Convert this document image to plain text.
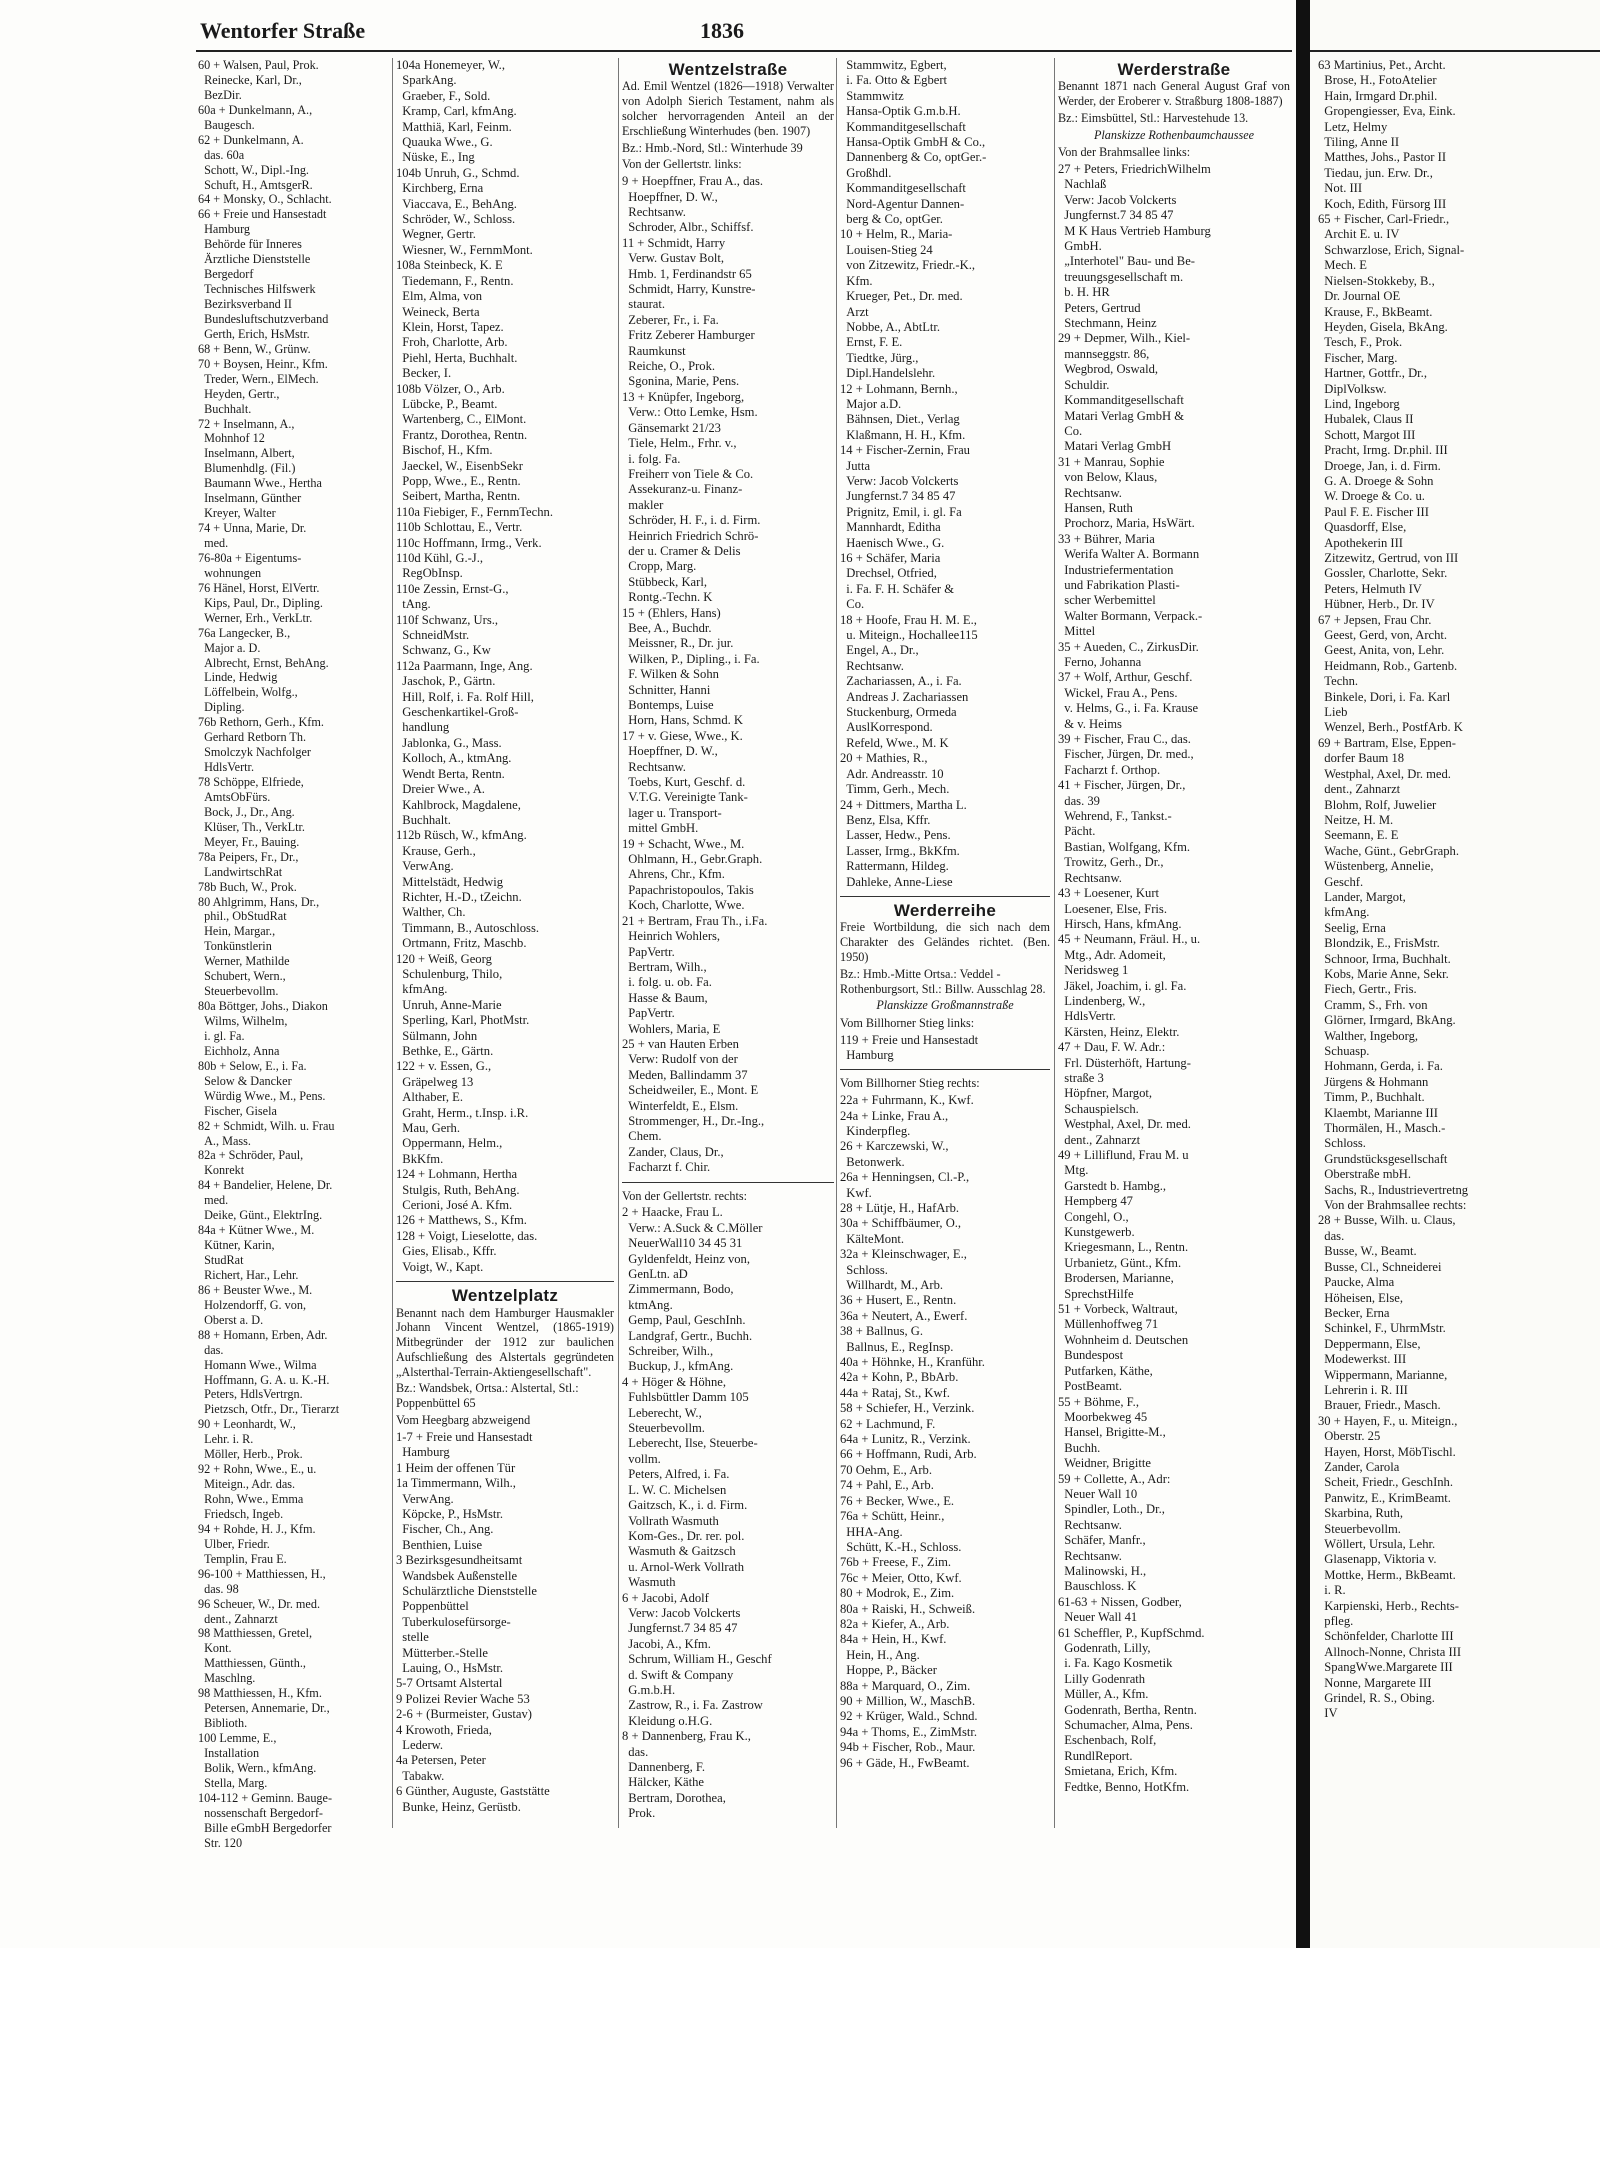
Wentorfer Straße	1836
60 + Walsen, Paul, Prok.
Reinecke, Karl, Dr.,
BezDir.
60a + Dunkelmann, A.,
Baugesch.
62 + Dunkelmann, A.
das. 60a
Schott, W., Dipl.-Ing.
Schuft, H., AmtsgerR.
64 + Monsky, O., Schlacht.
66 + Freie und Hansestadt
Hamburg
Behörde für Inneres
Ärztliche Dienststelle
Bergedorf
Technisches Hilfswerk
Bezirksverband II
Bundesluftschutzverband
Gerth, Erich, HsMstr.
68 + Benn, W., Grünw.
70 + Boysen, Heinr., Kfm.
Treder, Wern., ElMech.
Heyden, Gertr.,
Buchhalt.
72 + Inselmann, A.,
Mohnhof 12
Inselmann, Albert,
Blumenhdlg. (Fil.)
Baumann Wwe., Hertha
Inselmann, Günther
Kreyer, Walter
74 + Unna, Marie, Dr.
med.
76-80a + Eigentums-
wohnungen
76 Hänel, Horst, ElVertr.
Kips, Paul, Dr., Dipling.
Werner, Erh., VerkLtr.
76a Langecker, B.,
Major a. D.
Albrecht, Ernst, BehAng.
Linde, Hedwig
Löffelbein, Wolfg.,
Dipling.
76b Rethorn, Gerh., Kfm.
Gerhard Retborn Th.
Smolczyk Nachfolger
HdlsVertr.
78 Schöppe, Elfriede,
AmtsObFürs.
Bock, J., Dr., Ang.
Klüser, Th., VerkLtr.
Meyer, Fr., Bauing.
78a Peipers, Fr., Dr.,
LandwirtschRat
78b Buch, W., Prok.
80 Ahlgrimm, Hans, Dr.,
phil., ObStudRat
Hein, Margar.,
Tonkünstlerin
Werner, Mathilde
Schubert, Wern.,
Steuerbevollm.
80a Böttger, Johs., Diakon
Wilms, Wilhelm,
i. gl. Fa.
Eichholz, Anna
80b + Selow, E., i. Fa.
Selow & Dancker
Würdig Wwe., M., Pens.
Fischer, Gisela
82 + Schmidt, Wilh. u. Frau
A., Mass.
82a + Schröder, Paul,
Konrekt
84 + Bandelier, Helene, Dr.
med.
Deike, Günt., ElektrIng.
84a + Kütner Wwe., M.
Kütner, Karin,
StudRat
Richert, Har., Lehr.
86 + Beuster Wwe., M.
Holzendorff, G. von,
Oberst a. D.
88 + Homann, Erben, Adr.
das.
Homann Wwe., Wilma
Hoffmann, G. A. u. K.-H.
Peters, HdlsVertrgn.
Pietzsch, Otfr., Dr., Tierarzt
90 + Leonhardt, W.,
Lehr. i. R.
Möller, Herb., Prok.
92 + Rohn, Wwe., E., u.
Miteign., Adr. das.
Rohn, Wwe., Emma
Friedsch, Ingeb.
94 + Rohde, H. J., Kfm.
Ulber, Friedr.
Templin, Frau E.
96-100 + Matthiessen, H.,
das. 98
96 Scheuer, W., Dr. med.
dent., Zahnarzt
98 Matthiessen, Gretel,
Kont.
Matthiessen, Günth.,
Maschlng.
98 Matthiessen, H., Kfm.
Petersen, Annemarie, Dr.,
Biblioth.
100 Lemme, E.,
Installation
Bolik, Wern., kfmAng.
Stella, Marg.
104-112 + Geminn. Bauge-
nossenschaft Bergedorf-
Bille eGmbH Bergedorfer
Str. 120
104a Honemeyer, W.,
SparkAng.
Graeber, F., Sold.
Kramp, Carl, kfmAng.
Matthiä, Karl, Feinm.
Quauka Wwe., G.
Nüske, E., Ing
104b Unruh, G., Schmd.
Kirchberg, Erna
Viaccava, E., BehAng.
Schröder, W., Schloss.
Wegner, Gertr.
Wiesner, W., FernmMont.
108a Steinbeck, K. E
Tiedemann, F., Rentn.
Elm, Alma, von
Weineck, Berta
Klein, Horst, Tapez.
Froh, Charlotte, Arb.
Piehl, Herta, Buchhalt.
Becker, I.
108b Völzer, O., Arb.
Lübcke, P., Beamt.
Wartenberg, C., ElMont.
Frantz, Dorothea, Rentn.
Bischof, H., Kfm.
Jaeckel, W., EisenbSekr
Popp, Wwe., E., Rentn.
Seibert, Martha, Rentn.
110a Fiebiger, F., FernmTechn.
110b Schlottau, E., Vertr.
110c Hoffmann, Irmg., Verk.
110d Kühl, G.-J.,
RegObInsp.
110e Zessin, Ernst-G.,
tAng.
110f Schwanz, Urs.,
SchneidMstr.
Schwanz, G., Kw
112a Paarmann, Inge, Ang.
Jaschok, P., Gärtn.
Hill, Rolf, i. Fa. Rolf Hill,
Geschenkartikel-Groß-
handlung
Jablonka, G., Mass.
Kolloch, A., ktmAng.
Wendt Berta, Rentn.
Dreier Wwe., A.
Kahlbrock, Magdalene,
Buchhalt.
112b Rüsch, W., kfmAng.
Krause, Gerh.,
VerwAng.
Mittelstädt, Hedwig
Richter, H.-D., tZeichn.
Walther, Ch.
Timmann, B., Autoschloss.
Ortmann, Fritz, Maschb.
120 + Weiß, Georg
Schulenburg, Thilo,
kfmAng.
Unruh, Anne-Marie
Sperling, Karl, PhotMstr.
Sülmann, John
Bethke, E., Gärtn.
122 + v. Essen, G.,
Gräpelweg 13
Althaber, E.
Graht, Herm., t.Insp. i.R.
Mau, Gerh.
Oppermann, Helm.,
BkKfm.
124 + Lohmann, Hertha
Stulgis, Ruth, BehAng.
Cerioni, José A. Kfm.
126 + Matthews, S., Kfm.
128 + Voigt, Lieselotte, das.
Gies, Elisab., Kffr.
Voigt, W., Kapt.
Wentzelplatz
Benannt nach dem Hamburger Hausmakler Johann Vincent Wentzel, (1865-1919) Mitbegründer der 1912 zur baulichen Aufschließung des Alstertals gegründeten „Alsterthal-Terrain-Aktiengesellschaft".
Bz.: Wandsbek, Ortsa.: Alstertal, Stl.: Poppenbüttel 65
Vom Heegbarg abzweigend
1-7 + Freie und Hansestadt
Hamburg
1 Heim der offenen Tür
1a Timmermann, Wilh.,
VerwAng.
Köpcke, P., HsMstr.
Fischer, Ch., Ang.
Benthien, Luise
3 Bezirksgesundheitsamt
Wandsbek Außenstelle
Schulärztliche Dienststelle
Poppenbüttel
Tuberkulosefürsorge-
stelle
Mütterber.-Stelle
Lauing, O., HsMstr.
5-7 Ortsamt Alstertal
9 Polizei Revier Wache 53
2-6 + (Burmeister, Gustav)
4 Krowoth, Frieda,
Lederw.
4a Petersen, Peter
Tabakw.
6 Günther, Auguste, Gaststätte
Bunke, Heinz, Gerüstb.
Wentzelstraße
Ad. Emil Wentzel (1826—1918) Verwalter von Adolph Sierich Testament, nahm als solcher hervorragenden Anteil an der Erschließung Winterhudes (ben. 1907)
Bz.: Hmb.-Nord, Stl.: Winterhude 39
Von der Gellertstr. links:
9 + Hoepffner, Frau A., das.
Hoepffner, D. W.,
Rechtsanw.
Schroder, Albr., Schiffsf.
11 + Schmidt, Harry
Verw. Gustav Bolt,
Hmb. 1, Ferdinandstr 65
Schmidt, Harry, Kunstre-
staurat.
Zeberer, Fr., i. Fa.
Fritz Zeberer Hamburger
Raumkunst
Reiche, O., Prok.
Sgonina, Marie, Pens.
13 + Knüpfer, Ingeborg,
Verw.: Otto Lemke, Hsm.
Gänsemarkt 21/23
Tiele, Helm., Frhr. v.,
i. folg. Fa.
Freiherr von Tiele & Co.
Assekuranz-u. Finanz-
makler
Schröder, H. F., i. d. Firm.
Heinrich Friedrich Schrö-
der u. Cramer & Delis
Cropp, Marg.
Stübbeck, Karl,
Rontg.-Techn. K
15 + (Ehlers, Hans)
Bee, A., Buchdr.
Meissner, R., Dr. jur.
Wilken, P., Dipling., i. Fa.
F. Wilken & Sohn
Schnitter, Hanni
Bontemps, Luise
Horn, Hans, Schmd. K
17 + v. Giese, Wwe., K.
Hoepffner, D. W.,
Rechtsanw.
Toebs, Kurt, Geschf. d.
V.T.G. Vereinigte Tank-
lager u. Transport-
mittel GmbH.
19 + Schacht, Wwe., M.
Ohlmann, H., Gebr.Graph.
Ahrens, Chr., Kfm.
Papachristopoulos, Takis
Koch, Charlotte, Wwe.
21 + Bertram, Frau Th., i.Fa.
Heinrich Wohlers,
PapVertr.
Bertram, Wilh.,
i. folg. u. ob. Fa.
Hasse & Baum,
PapVertr.
Wohlers, Maria, E
25 + van Hauten Erben
Verw: Rudolf von der
Meden, Ballindamm 37
Scheidweiler, E., Mont. E
Winterfeldt, E., Elsm.
Strommenger, H., Dr.-Ing.,
Chem.
Zander, Claus, Dr.,
Facharzt f. Chir.
Von der Gellertstr. rechts:
2 + Haacke, Frau L.
Verw.: A.Suck & C.Möller
NeuerWall10 34 45 31
Gyldenfeldt, Heinz von,
GenLtn. aD
Zimmermann, Bodo,
ktmAng.
Gemp, Paul, GeschInh.
Landgraf, Gertr., Buchh.
Schreiber, Wilh.,
Buckup, J., kfmAng.
4 + Höger & Höhne,
Fuhlsbüttler Damm 105
Leberecht, W.,
Steuerbevollm.
Leberecht, Ilse, Steuerbe-
vollm.
Peters, Alfred, i. Fa.
L. W. C. Michelsen
Gaitzsch, K., i. d. Firm.
Vollrath Wasmuth
Kom-Ges., Dr. rer. pol.
Wasmuth & Gaitzsch
u. Arnol-Werk Vollrath
Wasmuth
6 + Jacobi, Adolf
Verw: Jacob Volckerts
Jungfernst.7 34 85 47
Jacobi, A., Kfm.
Schrum, William H., Geschf
d. Swift & Company
G.m.b.H.
Zastrow, R., i. Fa. Zastrow
Kleidung o.H.G.
8 + Dannenberg, Frau K.,
das.
Dannenberg, F.
Hälcker, Käthe
Bertram, Dorothea,
Prok.
Stammwitz, Egbert,
i. Fa. Otto & Egbert
Stammwitz
Hansa-Optik G.m.b.H.
Kommanditgesellschaft
Hansa-Optik GmbH & Co.,
Dannenberg & Co, optGer.-
Großhdl.
Kommanditgesellschaft
Nord-Agentur Dannen-
berg & Co, optGer.
10 + Helm, R., Maria-
Louisen-Stieg 24
von Zitzewitz, Friedr.-K.,
Kfm.
Krueger, Pet., Dr. med.
Arzt
Nobbe, A., AbtLtr.
Ernst, F. E.
Tiedtke, Jürg.,
Dipl.Handelslehr.
12 + Lohmann, Bernh.,
Major a.D.
Bähnsen, Diet., Verlag
Klaßmann, H. H., Kfm.
14 + Fischer-Zernin, Frau
Jutta
Verw: Jacob Volckerts
Jungfernst.7 34 85 47
Prignitz, Emil, i. gl. Fa
Mannhardt, Editha
Haenisch Wwe., G.
16 + Schäfer, Maria
Drechsel, Otfried,
i. Fa. F. H. Schäfer &
Co.
18 + Hoofe, Frau H. M. E.,
u. Miteign., Hochallee115
Engel, A., Dr.,
Rechtsanw.
Zachariassen, A., i. Fa.
Andreas J. Zachariassen
Stuckenburg, Ormeda
AuslKorrespond.
Refeld, Wwe., M. K
20 + Mathies, R.,
Adr. Andreasstr. 10
Timm, Gerh., Mech.
24 + Dittmers, Martha L.
Benz, Elsa, Kffr.
Lasser, Hedw., Pens.
Lasser, Irmg., BkKfm.
Rattermann, Hildeg.
Dahleke, Anne-Liese
Werderreihe
Freie Wortbildung, die sich nach dem Charakter des Geländes richtet. (Ben. 1950)
Bz.: Hmb.-Mitte Ortsa.: Veddel - Rothenburgsort, Stl.: Billw. Ausschlag 28.
Planskizze Großmannstraße
Vom Billhorner Stieg links:
119 + Freie und Hansestadt
Hamburg
Vom Billhorner Stieg rechts:
22a + Fuhrmann, K., Kwf.
24a + Linke, Frau A.,
Kinderpfleg.
26 + Karczewski, W.,
Betonwerk.
26a + Henningsen, Cl.-P.,
Kwf.
28 + Lütje, H., HafArb.
30a + Schiffbäumer, O.,
KälteMont.
32a + Kleinschwager, E.,
Schloss.
Willhardt, M., Arb.
36 + Husert, E., Rentn.
36a + Neutert, A., Ewerf.
38 + Ballnus, G.
Ballnus, E., RegInsp.
40a + Höhnke, H., Kranführ.
42a + Kohn, P., BbArb.
44a + Rataj, St., Kwf.
58 + Schiefer, H., Verzink.
62 + Lachmund, F.
64a + Lunitz, R., Verzink.
66 + Hoffmann, Rudi, Arb.
70 Oehm, E., Arb.
74 + Pahl, E., Arb.
76 + Becker, Wwe., E.
76a + Schütt, Heinr.,
HHA-Ang.
Schütt, K.-H., Schloss.
76b + Freese, F., Zim.
76c + Meier, Otto, Kwf.
80 + Modrok, E., Zim.
80a + Raiski, H., Schweiß.
82a + Kiefer, A., Arb.
84a + Hein, H., Kwf.
Hein, H., Ang.
Hoppe, P., Bäcker
88a + Marquard, O., Zim.
90 + Million, W., MaschB.
92 + Krüger, Wald., Schnd.
94a + Thoms, E., ZimMstr.
94b + Fischer, Rob., Maur.
96 + Gäde, H., FwBeamt.
Werderstraße
Benannt 1871 nach General August Graf von Werder, der Eroberer v. Straßburg 1808-1887)
Bz.: Eimsbüttel, Stl.: Harvestehude 13.
Planskizze Rothenbaumchaussee
Von der Brahmsallee links:
27 + Peters, FriedrichWilhelm
Nachlaß
Verw: Jacob Volckerts
Jungfernst.7 34 85 47
M K Haus Vertrieb Hamburg
GmbH.
„Interhotel" Bau- und Be-
treuungsgesellschaft m.
b. H. HR
Peters, Gertrud
Stechmann, Heinz
29 + Depmer, Wilh., Kiel-
mannseggstr. 86,
Wegbrod, Oswald,
Schuldir.
Kommanditgesellschaft
Matari Verlag GmbH &
Co.
Matari Verlag GmbH
31 + Manrau, Sophie
von Below, Klaus,
Rechtsanw.
Hansen, Ruth
Prochorz, Maria, HsWärt.
33 + Bührer, Maria
Werifa Walter A. Bormann
Industriefermentation
und Fabrikation Plasti-
scher Werbemittel
Walter Bormann, Verpack.-
Mittel
35 + Aueden, C., ZirkusDir.
Ferno, Johanna
37 + Wolf, Arthur, Geschf.
Wickel, Frau A., Pens.
v. Helms, G., i. Fa. Krause
& v. Heims
39 + Fischer, Frau C., das.
Fischer, Jürgen, Dr. med.,
Facharzt f. Orthop.
41 + Fischer, Jürgen, Dr.,
das. 39
Wehrend, F., Tankst.-
Pächt.
Bastian, Wolfgang, Kfm.
Trowitz, Gerh., Dr.,
Rechtsanw.
43 + Loesener, Kurt
Loesener, Else, Fris.
Hirsch, Hans, kfmAng.
45 + Neumann, Fräul. H., u.
Mtg., Adr. Adomeit,
Neridsweg 1
Jäkel, Joachim, i. gl. Fa.
Lindenberg, W.,
HdlsVertr.
Kärsten, Heinz, Elektr.
47 + Dau, F. W. Adr.:
Frl. Düsterhöft, Hartung-
straße 3
Höpfner, Margot,
Schauspielsch.
Westphal, Axel, Dr. med.
dent., Zahnarzt
49 + Lilliflund, Frau M. u
Mtg.
Garstedt b. Hambg.,
Hempberg 47
Congehl, O.,
Kunstgewerb.
Kriegesmann, L., Rentn.
Urbanietz, Günt., Kfm.
Brodersen, Marianne,
SprechstHilfe
51 + Vorbeck, Waltraut,
Müllenhoffweg 71
Wohnheim d. Deutschen
Bundespost
Putfarken, Käthe,
PostBeamt.
55 + Böhme, F.,
Moorbekweg 45
Hansel, Brigitte-M.,
Buchh.
Weidner, Brigitte
59 + Collette, A., Adr:
Neuer Wall 10
Spindler, Loth., Dr.,
Rechtsanw.
Schäfer, Manfr.,
Rechtsanw.
Malinowski, H.,
Bauschloss. K
61-63 + Nissen, Godber,
Neuer Wall 41
61 Scheffler, P., KupfSchmd.
Godenrath, Lilly,
i. Fa. Kago Kosmetik
Lilly Godenrath
Müller, A., Kfm.
Godenrath, Bertha, Rentn.
Schumacher, Alma, Pens.
Eschenbach, Rolf,
RundlReport.
Smietana, Erich, Kfm.
Fedtke, Benno, HotKfm.
63 Martinius, Pet., Archt.
Brose, H., FotoAtelier
Hain, Irmgard Dr.phil.
Gropengiesser, Eva, Eink.
Letz, Helmy
Tiling, Anne II
Matthes, Johs., Pastor II
Tiedau, jun. Erw. Dr.,
Not. III
Koch, Edith, Fürsorg III
65 + Fischer, Carl-Friedr.,
Archit E. u. IV
Schwarzlose, Erich, Signal-
Mech. E
Nielsen-Stokkeby, B.,
Dr. Journal OE
Krause, F., BkBeamt.
Heyden, Gisela, BkAng.
Tesch, F., Prok.
Fischer, Marg.
Hartner, Gottfr., Dr.,
DiplVolksw.
Lind, Ingeborg
Hubalek, Claus II
Schott, Margot III
Pracht, Irmg. Dr.phil. III
Droege, Jan, i. d. Firm.
G. A. Droege & Sohn
W. Droege & Co. u.
Paul F. E. Fischer III
Quasdorff, Else,
Apothekerin III
Zitzewitz, Gertrud, von III
Gossler, Charlotte, Sekr.
Peters, Helmuth IV
Hübner, Herb., Dr. IV
67 + Jepsen, Frau Chr.
Geest, Gerd, von, Archt.
Geest, Anita, von, Lehr.
Heidmann, Rob., Gartenb.
Techn.
Binkele, Dori, i. Fa. Karl
Lieb
Wenzel, Berh., PostfArb. K
69 + Bartram, Else, Eppen-
dorfer Baum 18
Westphal, Axel, Dr. med.
dent., Zahnarzt
Blohm, Rolf, Juwelier
Neitze, H. M.
Seemann, E. E
Wache, Günt., GebrGraph.
Wüstenberg, Annelie,
Geschf.
Lander, Margot,
kfmAng.
Seelig, Erna
Blondzik, E., FrisMstr.
Schnoor, Irma, Buchhalt.
Kobs, Marie Anne, Sekr.
Fiech, Gertr., Fris.
Cramm, S., Frh. von
Glörner, Irmgard, BkAng.
Walther, Ingeborg,
Schuasp.
Hohmann, Gerda, i. Fa.
Jürgens & Hohmann
Timm, P., Buchhalt.
Klaembt, Marianne III
Thormälen, H., Masch.-
Schloss.
Grundstücksgesellschaft
Oberstraße mbH.
Sachs, R., Industrievertretng
Von der Brahmsallee rechts:
28 + Busse, Wilh. u. Claus,
das.
Busse, W., Beamt.
Busse, Cl., Schneiderei
Paucke, Alma
Höheisen, Else,
Becker, Erna
Schinkel, F., UhrmMstr.
Deppermann, Else,
Modewerkst. III
Wippermann, Marianne,
Lehrerin i. R. III
Brauer, Friedr., Masch.
30 + Hayen, F., u. Miteign.,
Oberstr. 25
Hayen, Horst, MöbTischl.
Zander, Carola
Scheit, Friedr., GeschInh.
Panwitz, E., KrimBeamt.
Skarbina, Ruth,
Steuerbevollm.
Wöllert, Ursula, Lehr.
Glasenapp, Viktoria v.
Mottke, Herm., BkBeamt.
i. R.
Karpienski, Herb., Rechts-
pfleg.
Schönfelder, Charlotte III
Allnoch-Nonne, Christa III
SpangWwe.Margarete III
Nonne, Margarete III
Grindel, R. S., Obing.
IV
